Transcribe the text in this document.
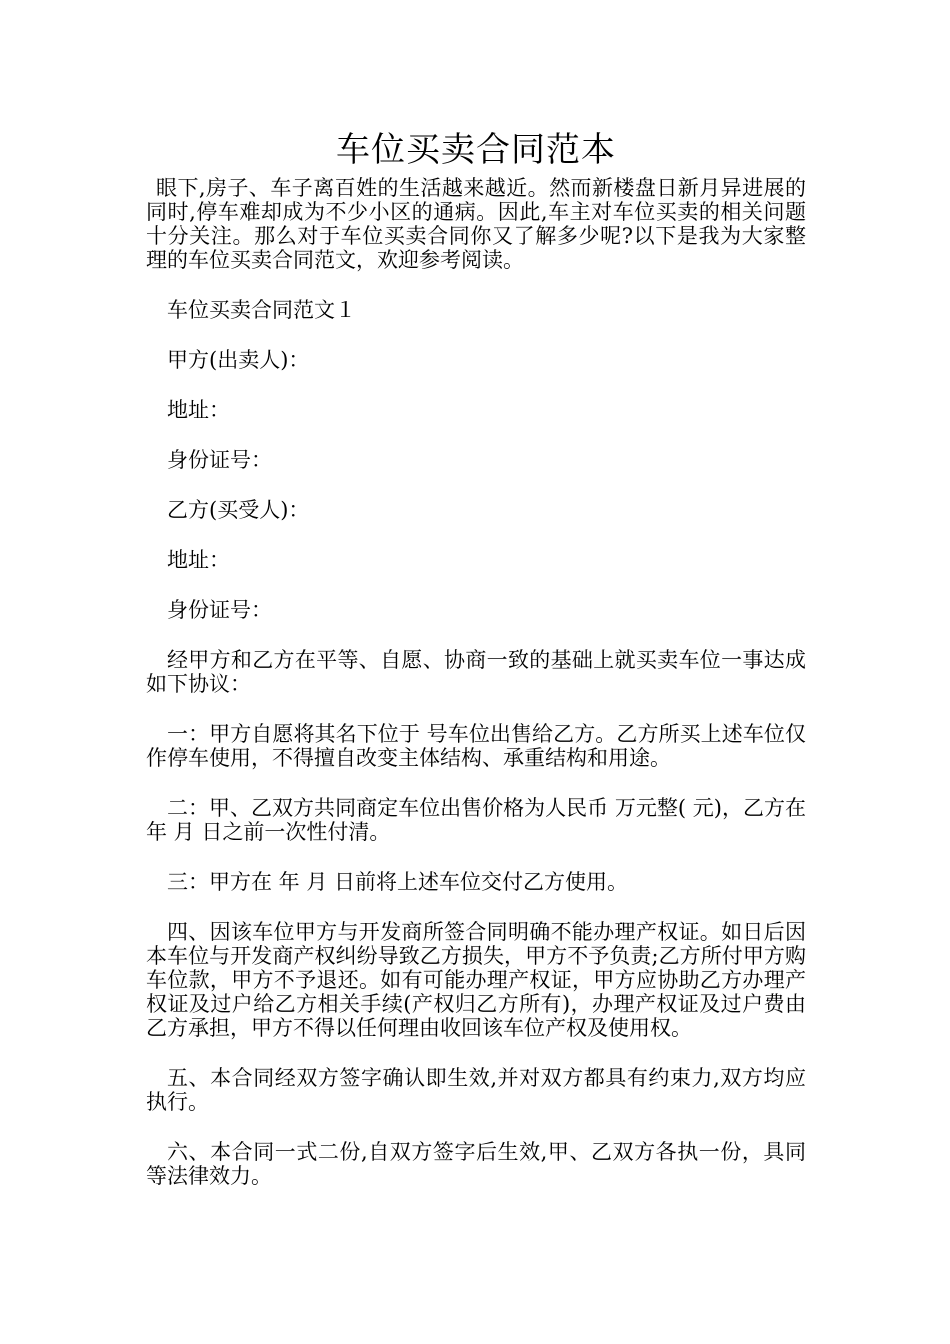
车位买卖合同范本

眼下,房子、车子离百姓的生活越来越近。然而新楼盘日新月异进展的同时,停车难却成为不少小区的通病。因此,车主对车位买卖的相关问题十分关注。那么对于车位买卖合同你又了解多少呢?以下是我为大家整理的车位买卖合同范文，欢迎参考阅读。

车位买卖合同范文１

甲方(出卖人)：

地址：

身份证号：

乙方(买受人)：

地址：

身份证号：

经甲方和乙方在平等、自愿、协商一致的基础上就买卖车位一事达成如下协议：

一：甲方自愿将其名下位于 号车位出售给乙方。乙方所买上述车位仅作停车使用，不得擅自改变主体结构、承重结构和用途。

二：甲、乙双方共同商定车位出售价格为人民币 万元整( 元)，乙方在 年 月 日之前一次性付清。

三：甲方在 年 月 日前将上述车位交付乙方使用。

四、因该车位甲方与开发商所签合同明确不能办理产权证。如日后因本车位与开发商产权纠纷导致乙方损失，甲方不予负责;乙方所付甲方购车位款，甲方不予退还。如有可能办理产权证，甲方应协助乙方办理产权证及过户给乙方相关手续(产权归乙方所有)，办理产权证及过户费由乙方承担，甲方不得以任何理由收回该车位产权及使用权。

五、本合同经双方签字确认即生效,并对双方都具有约束力,双方均应执行。

六、本合同一式二份,自双方签字后生效,甲、乙双方各执一份，具同等法律效力。
